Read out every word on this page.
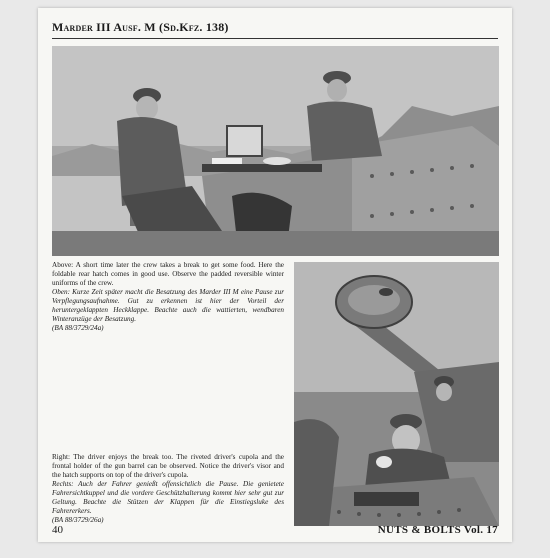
Marder III Ausf. M (Sd.Kfz. 138)

Above: A short time later the crew takes a break to get some food. Here the foldable rear hatch comes in good use. Observe the padded reversible winter uniforms of the crew.

Oben: Kurze Zeit später macht die Besatzung des Marder III M eine Pause zur Verpflegungsaufnahme. Gut zu erkennen ist hier der Vorteil der heruntergeklappten Heckklappe. Beachte auch die wattierten, wendbaren Winteranzüge der Besatzung.

(BA 88/3729/24a)

Right: The driver enjoys the break too. The riveted driver's cupola and the frontal holder of the gun barrel can be observed. Notice the driver's visor and the hatch supports on top of the driver's cupola.

Rechts: Auch der Fahrer genießt offensichtlich die Pause. Die genietete Fahrersichtkuppel und die vordere Geschützhalterung kommt hier sehr gut zur Geltung. Beachte die Stützen der Klappen für die Einstiegsluke des Fahrererkers.

(BA 88/3729/26a)

40	NUTS & BOLTS Vol. 17
